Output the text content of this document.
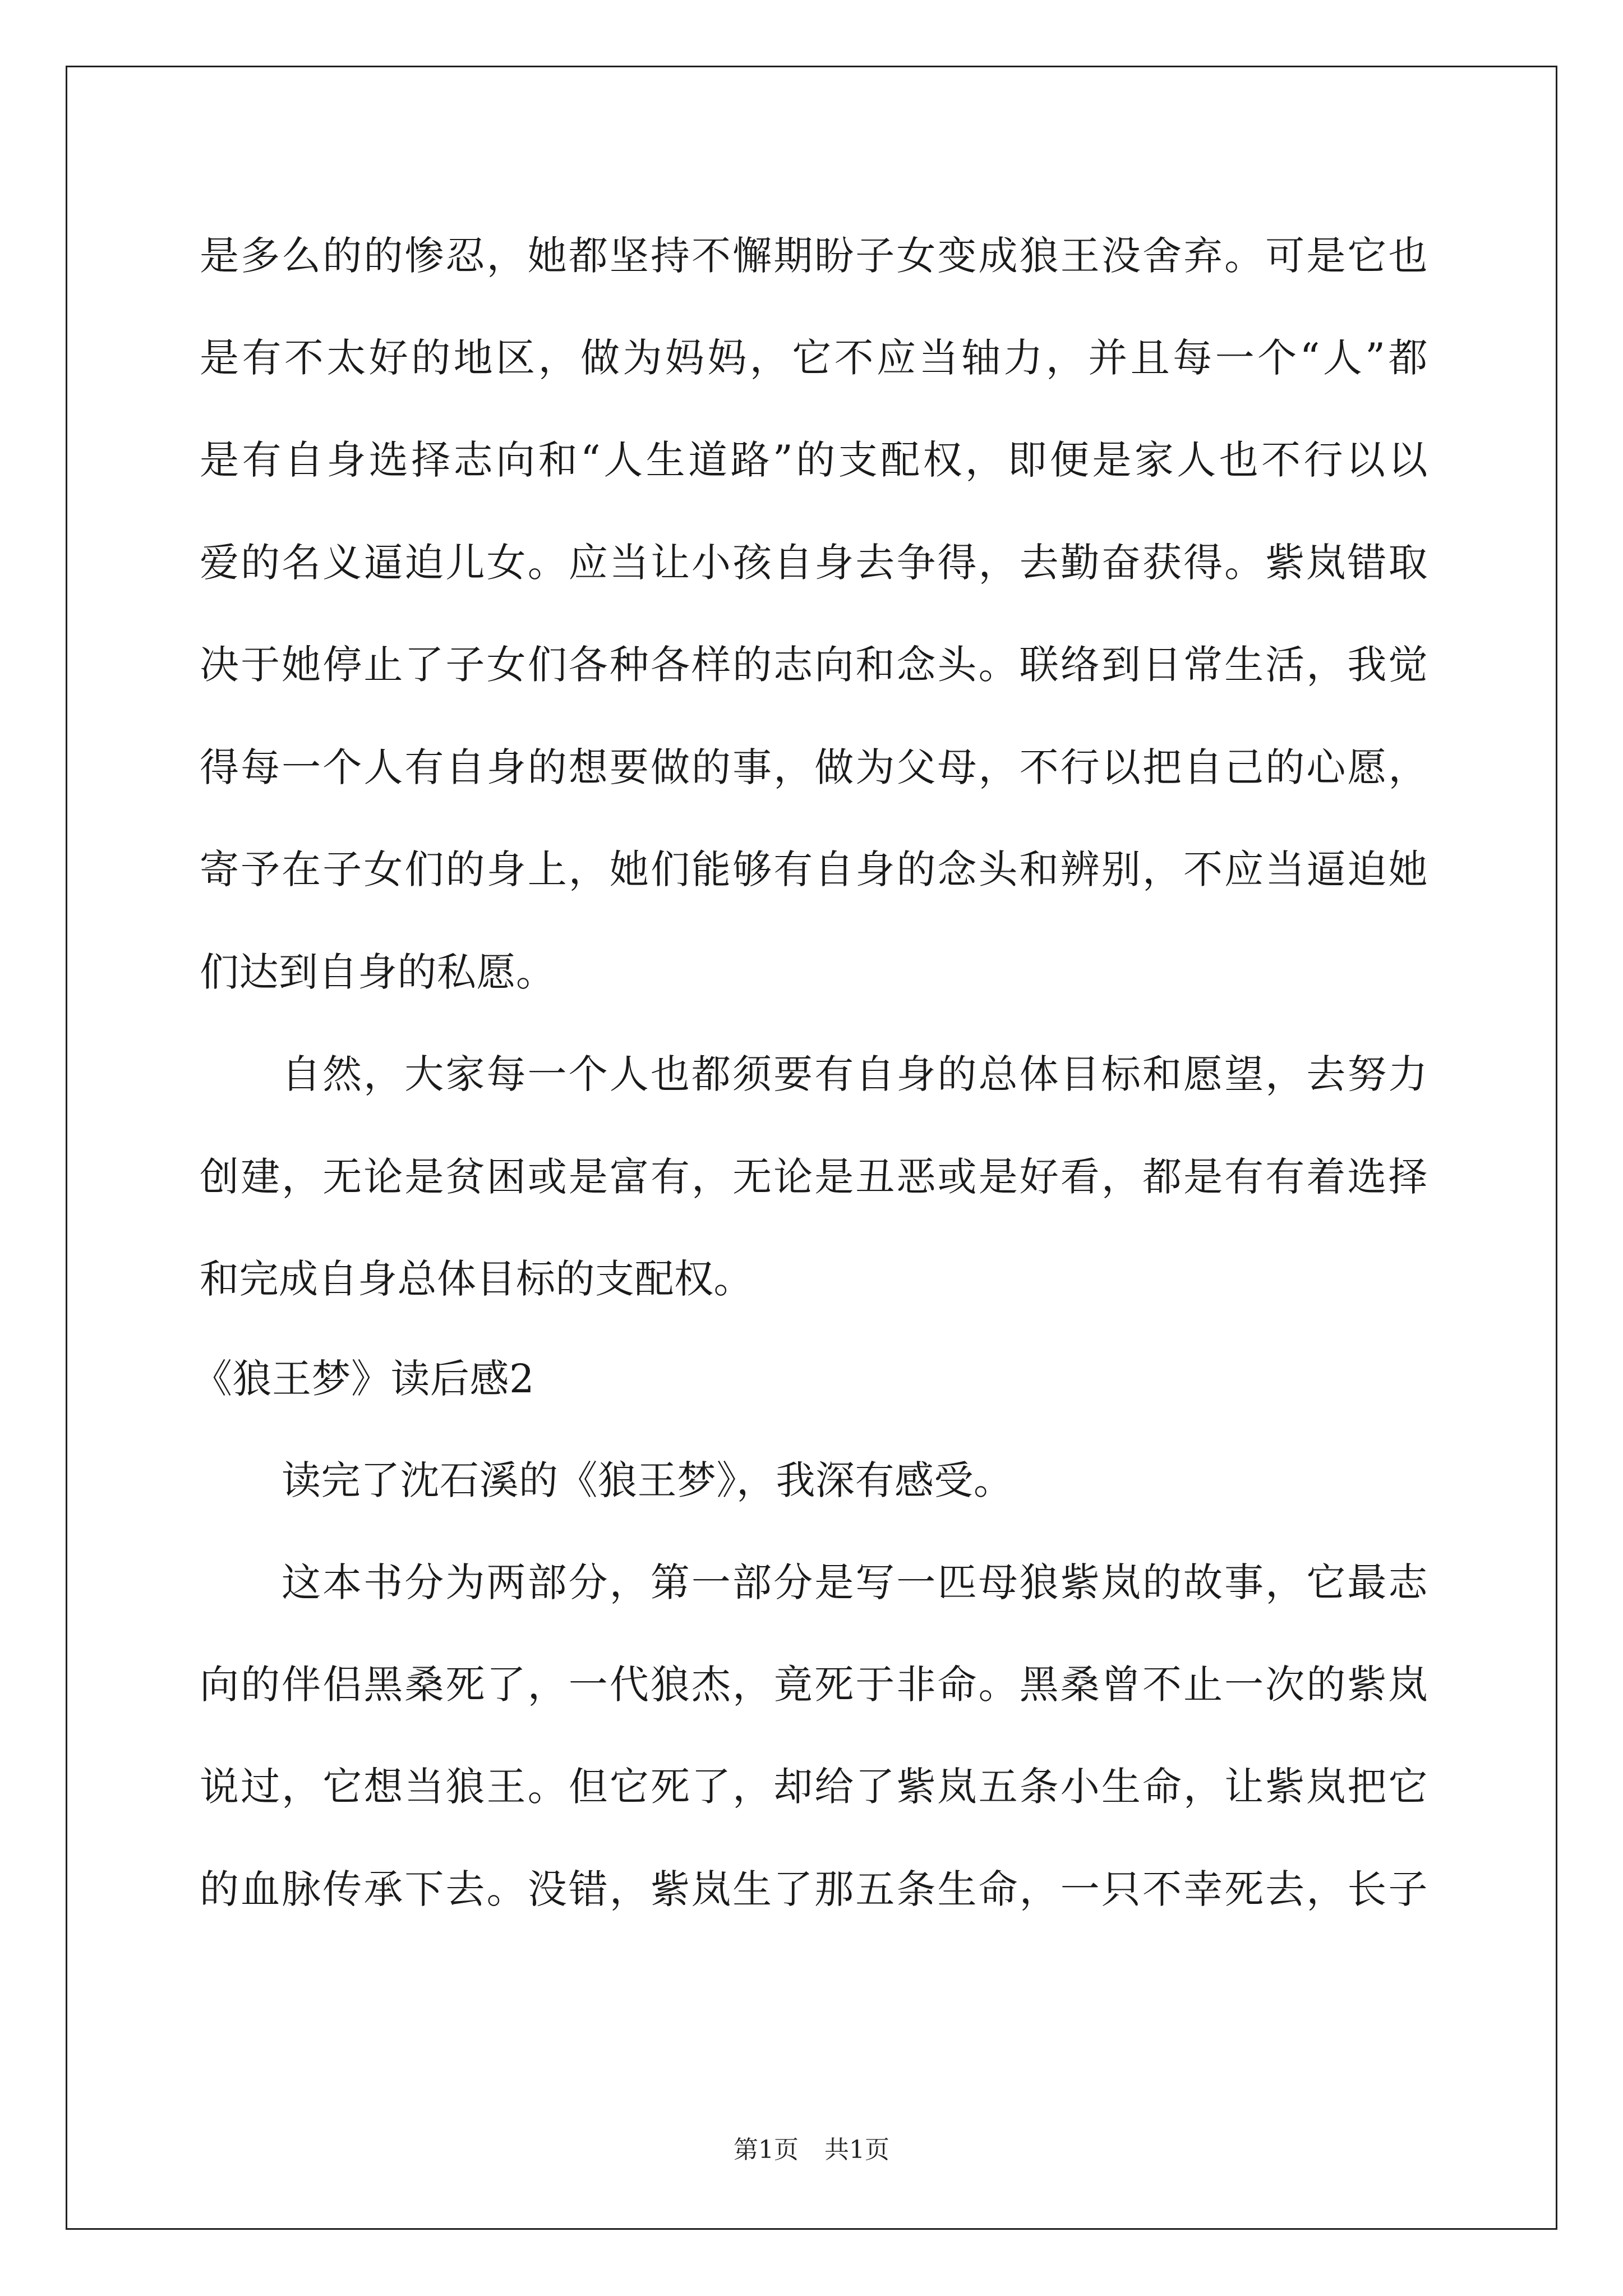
是多么的的惨忍，她都坚持不懈期盼子女变成狼王没舍弃。可是它也
是有不太好的地区，做为妈妈，它不应当轴力，并且每一个“人”都
是有自身选择志向和“人生道路”的支配权，即便是家人也不行以以
爱的名义逼迫儿女。应当让小孩自身去争得，去勤奋获得。紫岚错取
决于她停止了子女们各种各样的志向和念头。联络到日常生活，我觉
得每一个人有自身的想要做的事，做为父母，不行以把自己的心愿，
寄予在子女们的身上，她们能够有自身的念头和辨别，不应当逼迫她
们达到自身的私愿。
自然，大家每一个人也都须要有自身的总体目标和愿望，去努力
创建，无论是贫困或是富有，无论是丑恶或是好看，都是有有着选择
和完成自身总体目标的支配权。
《狼王梦》读后感2
读完了沈石溪的《狼王梦》，我深有感受。
这本书分为两部分，第一部分是写一匹母狼紫岚的故事，它最志
向的伴侣黑桑死了，一代狼杰，竟死于非命。黑桑曾不止一次的紫岚
说过，它想当狼王。但它死了，却给了紫岚五条小生命，让紫岚把它
的血脉传承下去。没错，紫岚生了那五条生命，一只不幸死去，长子
第1页 共1页
